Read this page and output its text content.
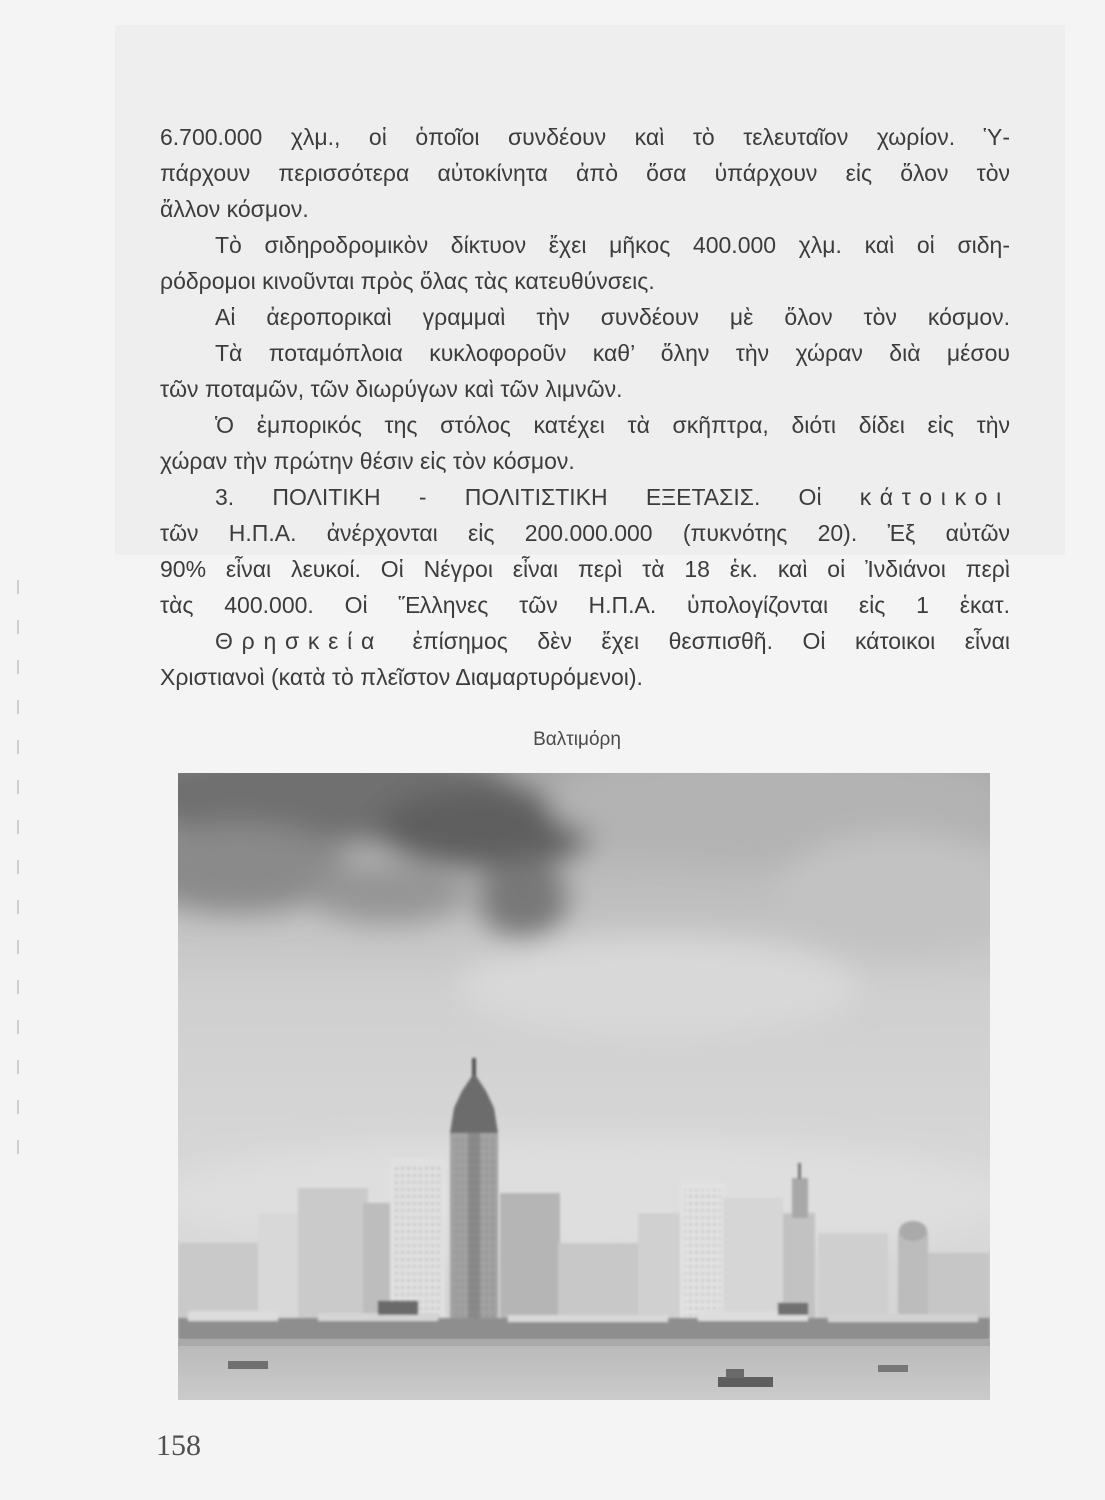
6.700.000 χλμ., οἱ ὁποῖοι συνδέουν καὶ τὸ τελευταῖον χωρίον. Ὑ-
πάρχουν περισσότερα αὐτοκίνητα ἀπὸ ὅσα ὑπάρχουν εἰς ὅλον τὸν
ἄλλον κόσμον.
Τὸ σιδηροδρομικὸν δίκτυον ἔχει μῆκος 400.000 χλμ. καὶ οἱ σιδη-
ρόδρομοι κινοῦνται πρὸς ὅλας τὰς κατευθύνσεις.
Αἱ ἀεροπορικαὶ γραμμαὶ τὴν συνδέουν μὲ ὅλον τὸν κόσμον.
Τὰ ποταμόπλοια κυκλοφοροῦν καθ’ ὅλην τὴν χώραν διὰ μέσου
τῶν ποταμῶν, τῶν διωρύγων καὶ τῶν λιμνῶν.
Ὁ ἐμπορικός της στόλος κατέχει τὰ σκῆπτρα, διότι δίδει εἰς τὴν
χώραν τὴν πρώτην θέσιν εἰς τὸν κόσμον.
3. ΠΟΛΙΤΙΚΗ - ΠΟΛΙΤΙΣΤΙΚΗ ΕΞΕΤΑΣΙΣ. Οἱ κάτοικοι
τῶν Η.Π.Α. ἀνέρχονται εἰς 200.000.000 (πυκνότης 20). Ἐξ αὐτῶν
90% εἶναι λευκοί. Οἱ Νέγροι εἶναι περὶ τὰ 18 ἑκ. καὶ οἱ Ἰνδιάνοι περὶ
τὰς 400.000. Οἱ Ἕλληνες τῶν Η.Π.Α. ὑπολογίζονται εἰς 1 ἑκατ.
Θρησκεία ἐπίσημος δὲν ἔχει θεσπισθῆ. Οἱ κάτοικοι εἶναι
Χριστιανοὶ (κατὰ τὸ πλεῖστον Διαμαρτυρόμενοι).
Βαλτιμόρη
158
